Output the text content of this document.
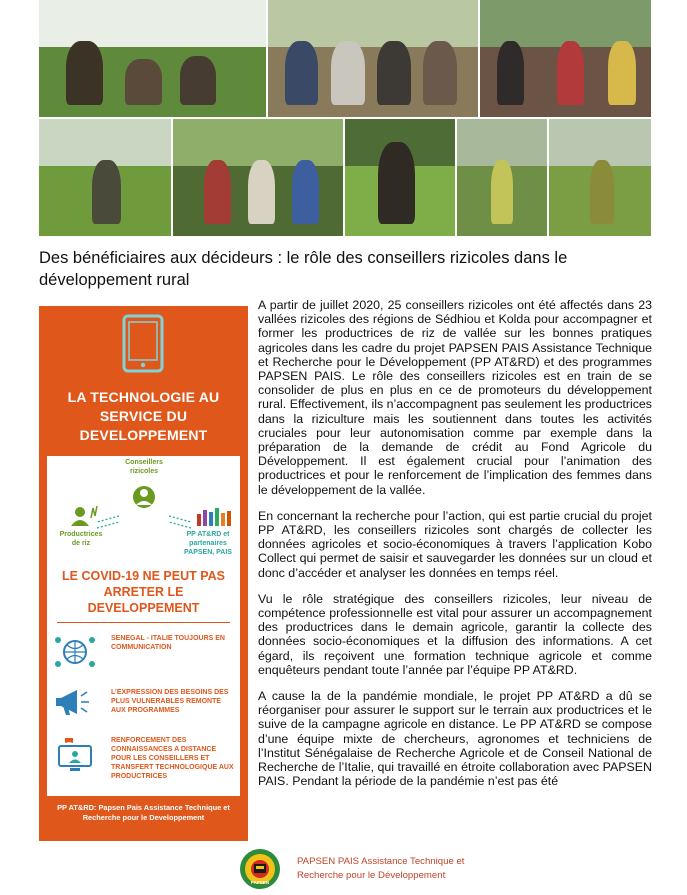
Des bénéficiaires aux décideurs : le rôle des conseillers rizicoles dans le développement rural
LA TECHNOLOGIE AU SERVICE DU DEVELOPPEMENT
Conseillers rizicoles
Productrices de riz
PP AT&RD et partenaires PAPSEN, PAIS
LE COVID-19 NE PEUT PAS ARRETER LE DEVELOPPEMENT
SENEGAL - ITALIE TOUJOURS EN COMMUNICATION
L’EXPRESSION DES BESOINS DES PLUS VULNERABLES REMONTE AUX PROGRAMMES
RENFORCEMENT DES CONNAISSANCES A DISTANCE POUR LES CONSEILLERS ET TRANSFERT TECHNOLOGIQUE AUX PRODUCTRICES
PP AT&RD: Papsen Pais Assistance Technique et Recherche pour le Developpement

A partir de juillet 2020, 25 conseillers rizicoles ont été affectés dans 23 vallées rizicoles des régions de Sédhiou et Kolda pour accompagner et former les productrices de riz de vallée sur les bonnes pratiques agricoles dans les cadre du projet PAPSEN PAIS Assistance Technique et Recherche pour le Développement (PP AT&RD) et des programmes PAPSEN PAIS. Le rôle des conseillers rizicoles est en train de se consolider de plus en plus en ce de promoteurs du développement rural. Effectivement, ils n’accompagnent pas seulement les productrices dans la riziculture mais les soutiennent dans toutes les activités cruciales pour leur autonomisation comme par exemple dans la préparation de la demande de crédit au Fond Agricole du Développement. Il est également crucial pour l’animation des productrices et pour le renforcement de l’implication des femmes dans le développement de la vallée.

En concernant la recherche pour l’action, qui est partie crucial du projet PP AT&RD, les conseillers rizicoles sont chargés de collecter les données agricoles et socio-économiques à travers l’application Kobo Collect qui permet de saisir et sauvegarder les données sur un cloud et donc d’accéder et analyser les données en temps réel.

Vu le rôle stratégique des conseillers rizicoles, leur niveau de compétence professionnelle est vital pour assurer un accompagnement des productrices dans le demain agricole, garantir la collecte des données socio-économiques et la diffusion des informations. A cet égard, ils reçoivent une formation technique agricole et comme enquêteurs pendant toute l’année par l’équipe PP AT&RD.

A cause la de la pandémie mondiale, le projet PP AT&RD a dû se réorganiser pour assurer le support sur le terrain aux productrices et le suive de la campagne agricole en distance. Le PP AT&RD se compose d’une équipe mixte de chercheurs, agronomes et techniciens de l’Institut Sénégalaise de Recherche Agricole et de Conseil National de Recherche de l’Italie, qui travaillé en étroite collaboration avec PAPSEN PAIS. Pendant la période de la pandémie n’est pas été

PAPSEN
PAPSEN PAIS Assistance Technique et
Recherche pour le Développement
